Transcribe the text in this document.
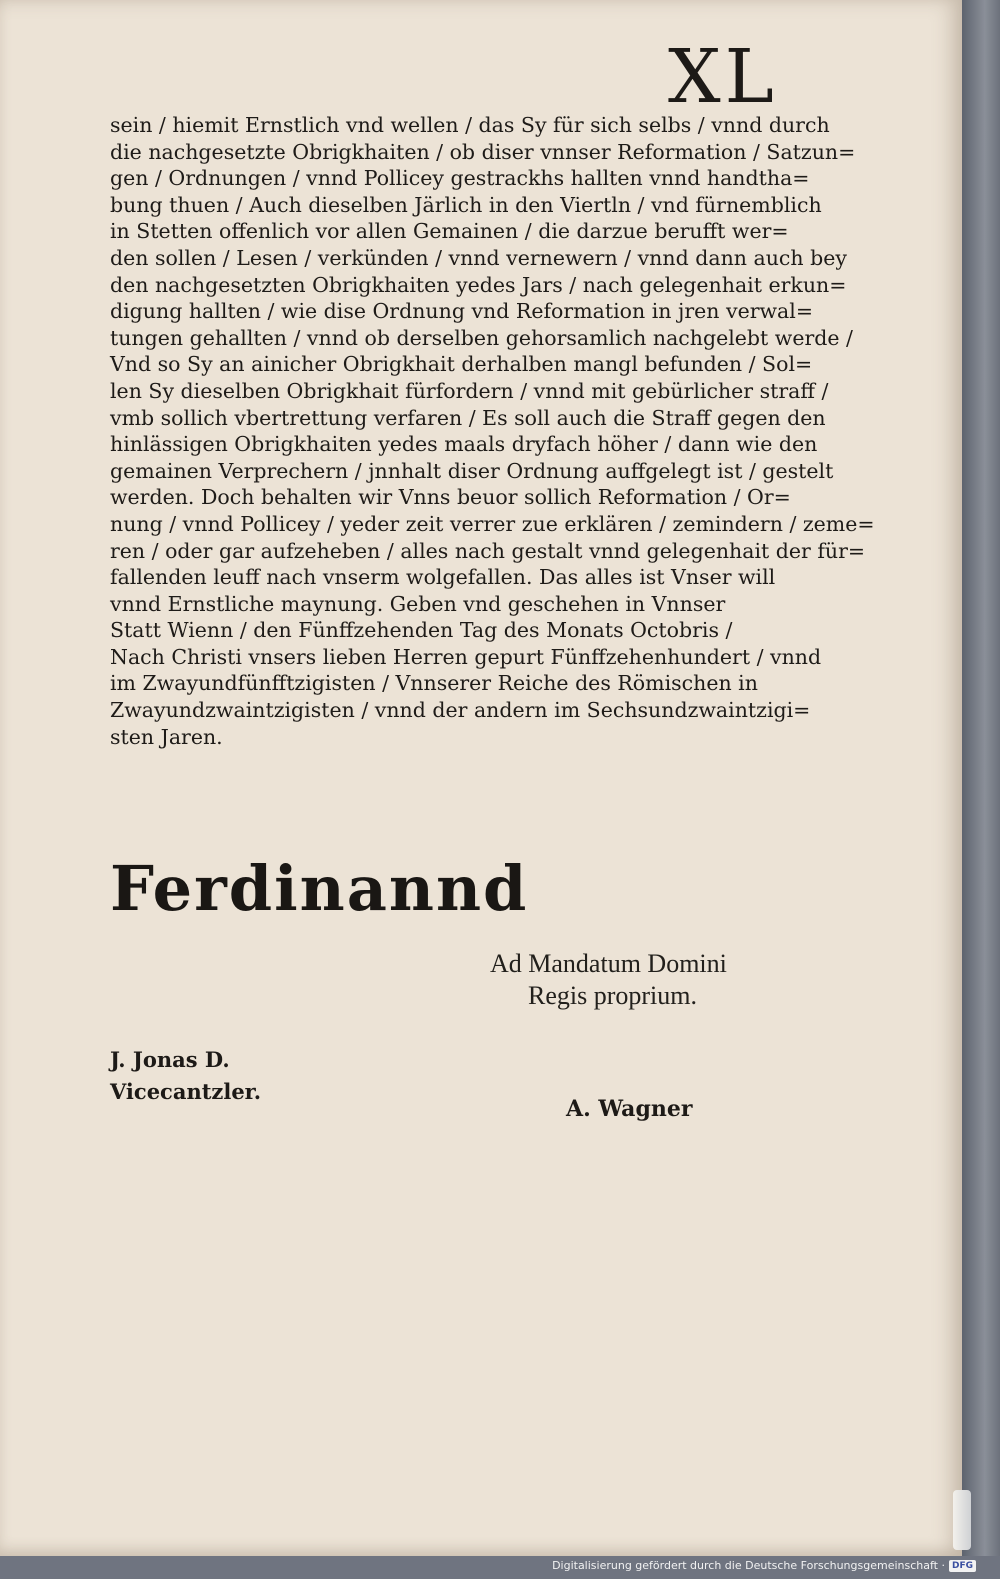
XL
sein / hiemit Ernstlich vnd wellen / das Sy für sich selbs / vnnd durch
die nachgesetzte Obrigkhaiten / ob diser vnnser Reformation / Satzun=
gen / Ordnungen / vnnd Pollicey gestrackhs hallten vnnd handtha=
bung thuen / Auch dieselben Järlich in den Viertln / vnd fürnemblich
in Stetten offenlich vor allen Gemainen / die darzue berufft wer=
den sollen / Lesen / verkünden / vnnd vernewern / vnnd dann auch bey
den nachgesetzten Obrigkhaiten yedes Jars / nach gelegenhait erkun=
digung hallten / wie dise Ordnung vnd Reformation in jren verwal=
tungen gehallten / vnnd ob derselben gehorsamlich nachgelebt werde /
Vnd so Sy an ainicher Obrigkhait derhalben mangl befunden / Sol=
len Sy dieselben Obrigkhait fürfordern / vnnd mit gebürlicher straff /
vmb sollich vbertrettung verfaren / Es soll auch die Straff gegen den
hinlässigen Obrigkhaiten yedes maals dryfach höher / dann wie den
gemainen Verprechern / jnnhalt diser Ordnung auffgelegt ist / gestelt
werden. Doch behalten wir Vnns beuor sollich Reformation / Or=
nung / vnnd Pollicey / yeder zeit verrer zue erklären / zemindern / zeme=
ren / oder gar aufzeheben / alles nach gestalt vnnd gelegenhait der für=
fallenden leuff nach vnserm wolgefallen. Das alles ist Vnser will
vnnd Ernstliche maynung. Geben vnd geschehen in Vnnser
Statt Wienn / den Fünffzehenden Tag des Monats Octobris /
Nach Christi vnsers lieben Herren gepurt Fünffzehenhundert / vnnd
im Zwayundfünfftzigisten / Vnnserer Reiche des Römischen in
Zwayundzwaintzigisten / vnnd der andern im Sechsundzwaintzigi=
sten Jaren.
Ferdinannd
Ad Mandatum Domini
Regis proprium.
J. Jonas D.
Vicecantzler.
A. Wagner
Digitalisierung gefördert durch die Deutsche Forschungsgemeinschaft · DFG
